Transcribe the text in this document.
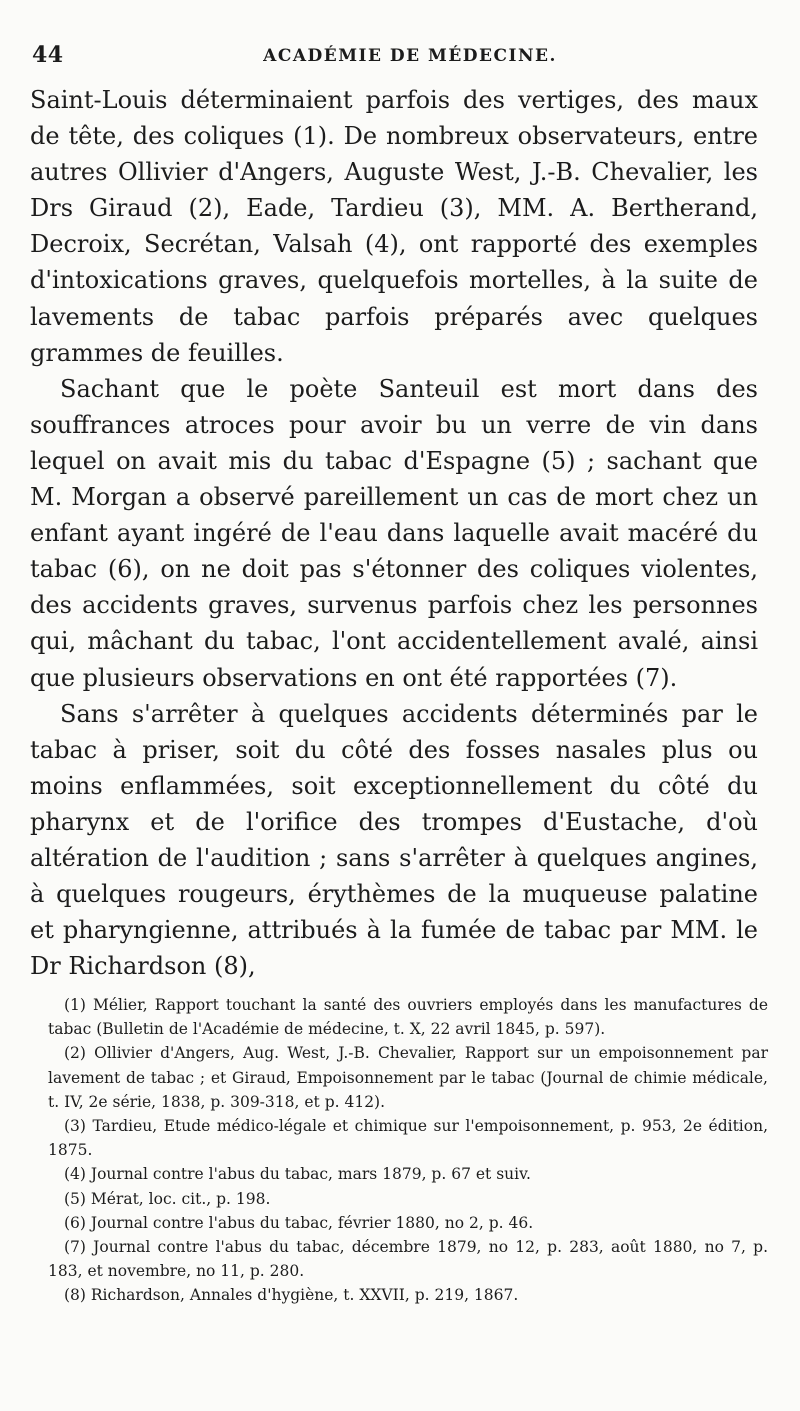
44	ACADÉMIE DE MÉDECINE.

Saint-Louis déterminaient parfois des vertiges, des maux de tête, des coliques (1). De nombreux observateurs, entre autres Ollivier d'Angers, Auguste West, J.-B. Chevalier, les Drs Giraud (2), Eade, Tardieu (3), MM. A. Bertherand, Decroix, Secrétan, Valsah (4), ont rapporté des exemples d'intoxications graves, quelquefois mortelles, à la suite de lavements de tabac parfois préparés avec quelques grammes de feuilles.

Sachant que le poète Santeuil est mort dans des souffrances atroces pour avoir bu un verre de vin dans lequel on avait mis du tabac d'Espagne (5) ; sachant que M. Morgan a observé pareillement un cas de mort chez un enfant ayant ingéré de l'eau dans laquelle avait macéré du tabac (6), on ne doit pas s'étonner des coliques violentes, des accidents graves, survenus parfois chez les personnes qui, mâchant du tabac, l'ont accidentellement avalé, ainsi que plusieurs observations en ont été rapportées (7).

Sans s'arrêter à quelques accidents déterminés par le tabac à priser, soit du côté des fosses nasales plus ou moins enflammées, soit exceptionnellement du côté du pharynx et de l'orifice des trompes d'Eustache, d'où altération de l'audition ; sans s'arrêter à quelques angines, à quelques rougeurs, érythèmes de la muqueuse palatine et pharyngienne, attribués à la fumée de tabac par MM. le Dr Richardson (8),

(1) Mélier, Rapport touchant la santé des ouvriers employés dans les manufactures de tabac (Bulletin de l'Académie de médecine, t. X, 22 avril 1845, p. 597).

(2) Ollivier d'Angers, Aug. West, J.-B. Chevalier, Rapport sur un empoisonnement par lavement de tabac ; et Giraud, Empoisonnement par le tabac (Journal de chimie médicale, t. IV, 2e série, 1838, p. 309-318, et p. 412).

(3) Tardieu, Etude médico-légale et chimique sur l'empoisonnement, p. 953, 2e édition, 1875.

(4) Journal contre l'abus du tabac, mars 1879, p. 67 et suiv.

(5) Mérat, loc. cit., p. 198.

(6) Journal contre l'abus du tabac, février 1880, no 2, p. 46.

(7) Journal contre l'abus du tabac, décembre 1879, no 12, p. 283, août 1880, no 7, p. 183, et novembre, no 11, p. 280.

(8) Richardson, Annales d'hygiène, t. XXVII, p. 219, 1867.
